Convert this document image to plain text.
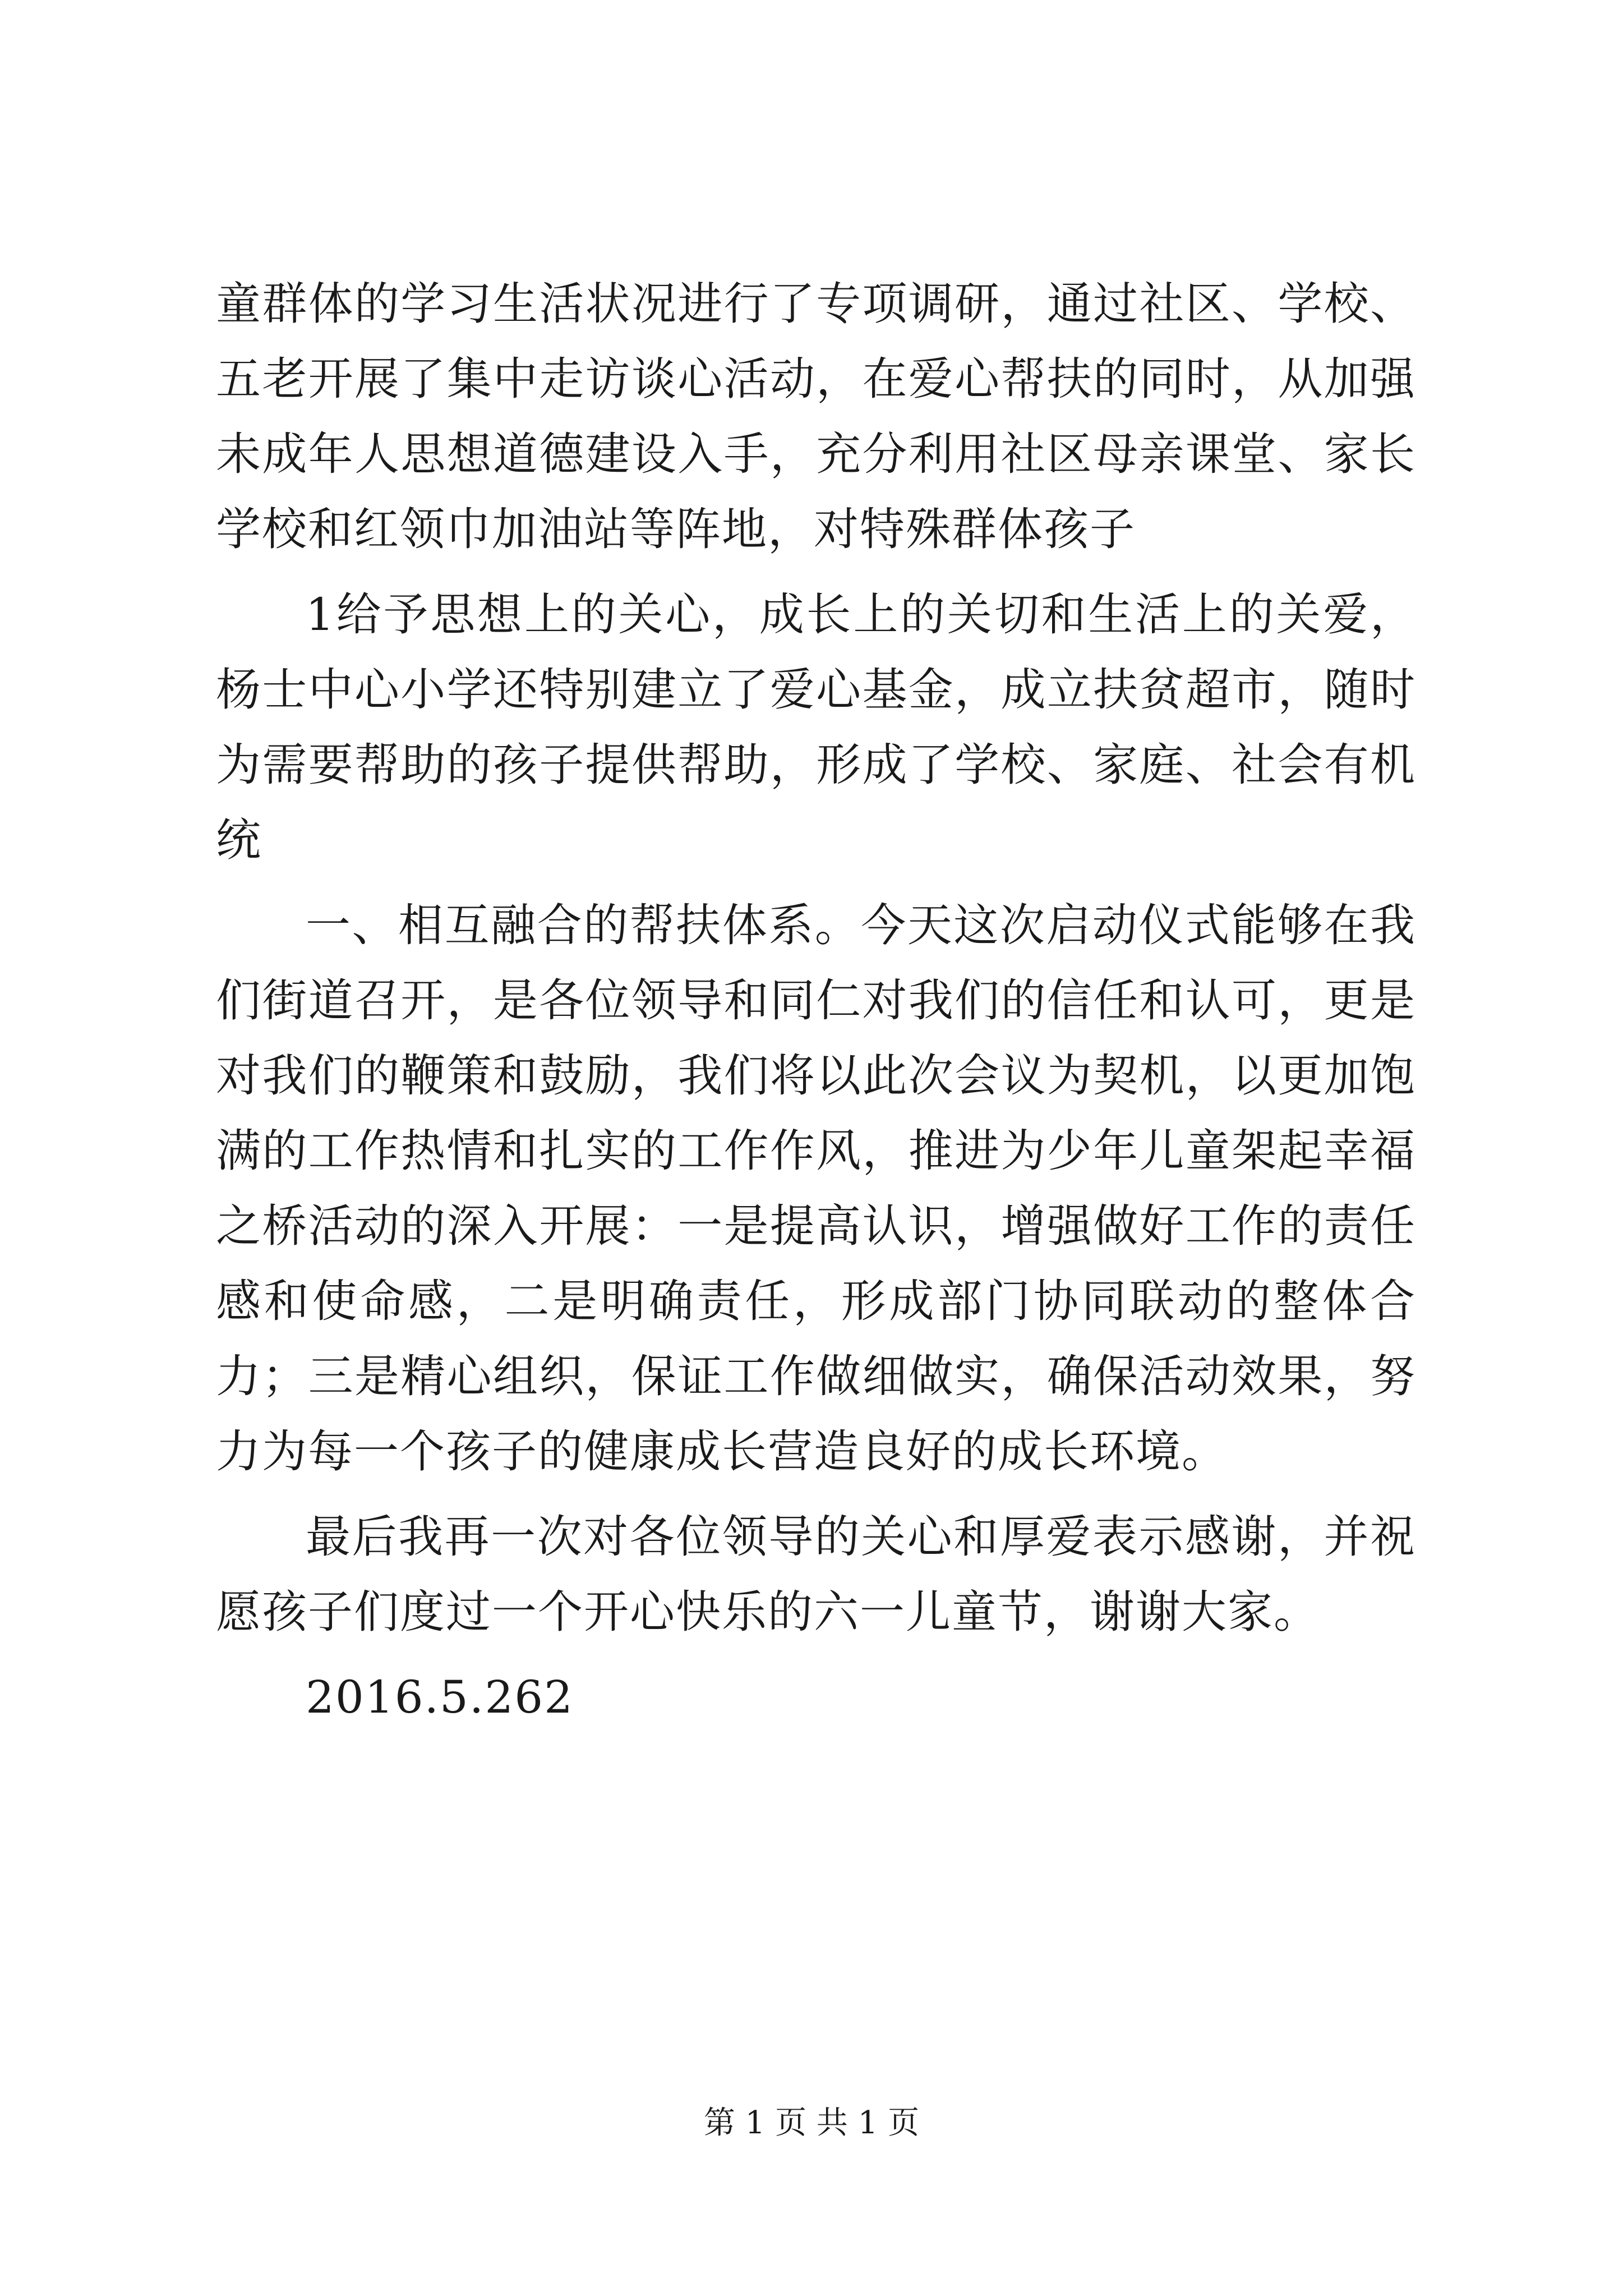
童群体的学习生活状况进行了专项调研，通过社区、学校、五老开展了集中走访谈心活动，在爱心帮扶的同时，从加强未成年人思想道德建设入手，充分利用社区母亲课堂、家长学校和红领巾加油站等阵地，对特殊群体孩子

1给予思想上的关心，成长上的关切和生活上的关爱，杨士中心小学还特别建立了爱心基金，成立扶贫超市，随时为需要帮助的孩子提供帮助，形成了学校、家庭、社会有机统

一、相互融合的帮扶体系。今天这次启动仪式能够在我们街道召开，是各位领导和同仁对我们的信任和认可，更是对我们的鞭策和鼓励，我们将以此次会议为契机，以更加饱满的工作热情和扎实的工作作风，推进为少年儿童架起幸福之桥活动的深入开展：一是提高认识，增强做好工作的责任感和使命感，二是明确责任，形成部门协同联动的整体合力；三是精心组织，保证工作做细做实，确保活动效果，努力为每一个孩子的健康成长营造良好的成长环境。

最后我再一次对各位领导的关心和厚爱表示感谢，并祝愿孩子们度过一个开心快乐的六一儿童节，谢谢大家。

2016.5.262

第 1 页 共 1 页
